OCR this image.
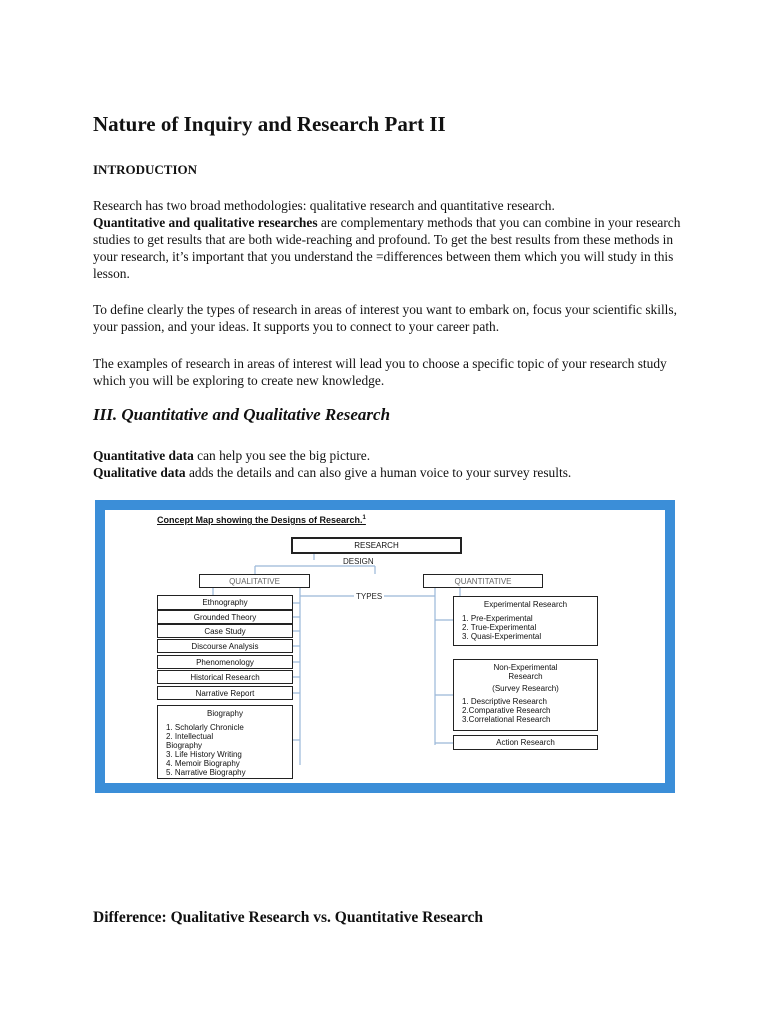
Nature of Inquiry and Research Part II
INTRODUCTION

Research has two broad methodologies: qualitative research and quantitative research.
Quantitative and qualitative researches are complementary methods that you can combine in your research studies to get results that are both wide-reaching and profound. To get the best results from these methods in your research, it’s important that you understand the =differences between them which you will study in this lesson.

To define clearly the types of research in areas of interest you want to embark on, focus your scientific skills, your passion, and your ideas. It supports you to connect to your career path.

The examples of research in areas of interest will lead you to choose a specific topic of your research study which you will be exploring to create new knowledge.

III. Quantitative and Qualitative Research

Quantitative data can help you see the big picture.
Qualitative data adds the details and can also give a human voice to your survey results.

Concept Map showing the Designs of Research.$^1$
RESEARCH
DESIGN
QUALITATIVE	QUANTITATIVE
TYPES
Ethnography
Grounded Theory
Case Study
Discourse Analysis
Phenomenology
Historical Research
Narrative Report
Biography
1. Scholarly Chronicle
2. Intellectual
Biography
3. Life History Writing
4. Memoir Biography
5. Narrative Biography
Experimental Research
1. Pre-Experimental
2. True-Experimental
3. Quasi-Experimental
Non-Experimental
Research
(Survey Research)
1. Descriptive Research
2.Comparative Research
3.Correlational Research
Action Research
Difference: Qualitative Research vs. Quantitative Research
